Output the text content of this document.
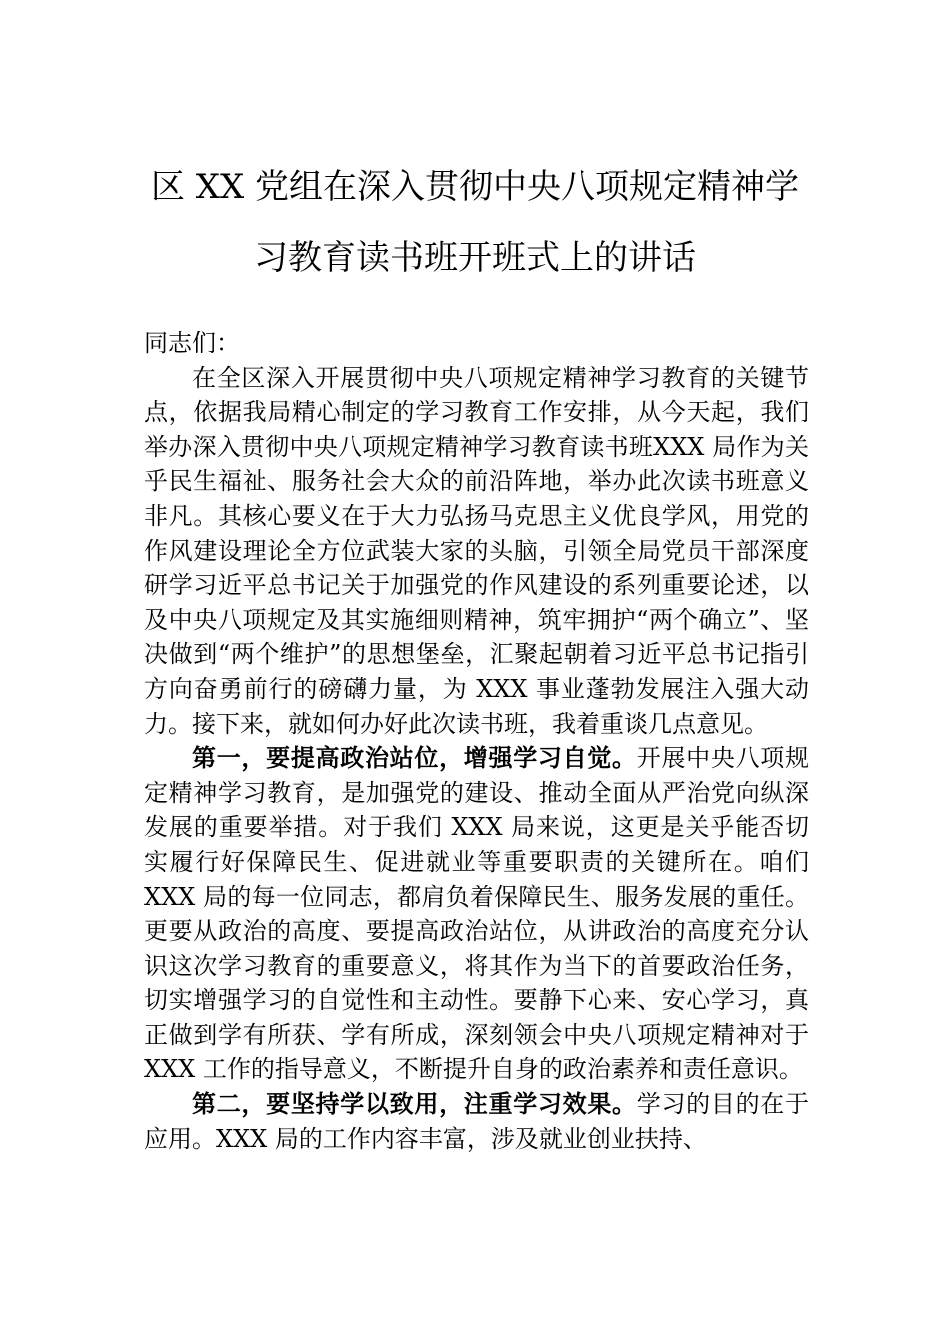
区 XX 党组在深入贯彻中央八项规定精神学
习教育读书班开班式上的讲话

同志们：

在全区深入开展贯彻中央八项规定精神学习教育的关键节点，依据我局精心制定的学习教育工作安排，从今天起，我们举办深入贯彻中央八项规定精神学习教育读书班XXX 局作为关乎民生福祉、服务社会大众的前沿阵地，举办此次读书班意义非凡。其核心要义在于大力弘扬马克思主义优良学风，用党的作风建设理论全方位武装大家的头脑，引领全局党员干部深度研学习近平总书记关于加强党的作风建设的系列重要论述，以及中央八项规定及其实施细则精神，筑牢拥护“两个确立”、坚决做到“两个维护”的思想堡垒，汇聚起朝着习近平总书记指引方向奋勇前行的磅礴力量，为 XXX 事业蓬勃发展注入强大动力。接下来，就如何办好此次读书班，我着重谈几点意见。

第一，要提高政治站位，增强学习自觉。开展中央八项规定精神学习教育，是加强党的建设、推动全面从严治党向纵深发展的重要举措。对于我们 XXX 局来说，这更是关乎能否切实履行好保障民生、促进就业等重要职责的关键所在。咱们 XXX 局的每一位同志，都肩负着保障民生、服务发展的重任。更要从政治的高度、要提高政治站位，从讲政治的高度充分认识这次学习教育的重要意义，将其作为当下的首要政治任务，切实增强学习的自觉性和主动性。要静下心来、安心学习，真正做到学有所获、学有所成，深刻领会中央八项规定精神对于 XXX 工作的指导意义，不断提升自身的政治素养和责任意识。

第二，要坚持学以致用，注重学习效果。学习的目的在于应用。XXX 局的工作内容丰富，涉及就业创业扶持、
